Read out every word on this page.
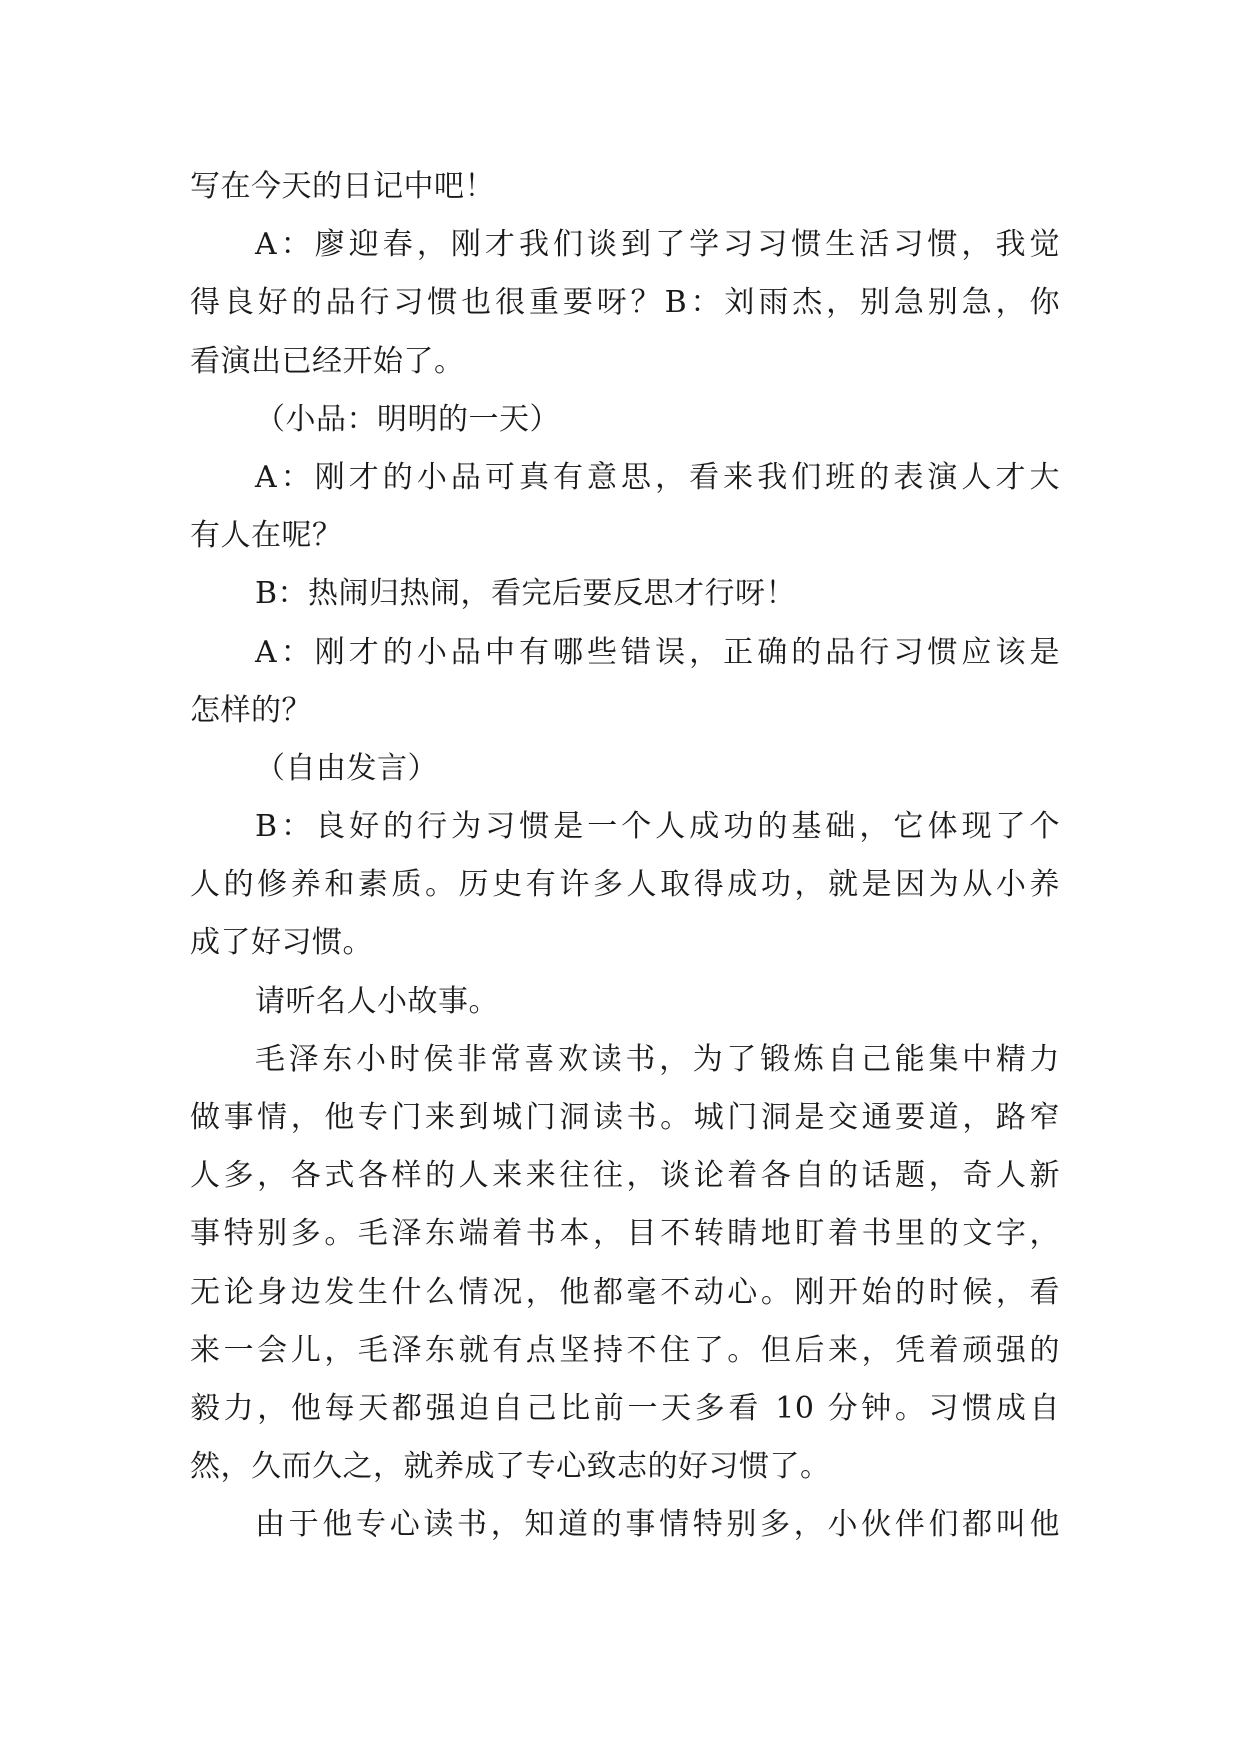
写在今天的日记中吧！
A：廖迎春，刚才我们谈到了学习习惯生活习惯，我觉
得良好的品行习惯也很重要呀？B：刘雨杰，别急别急，你
看演出已经开始了。
（小品：明明的一天）
A：刚才的小品可真有意思，看来我们班的表演人才大
有人在呢？
B：热闹归热闹，看完后要反思才行呀！
A：刚才的小品中有哪些错误，正确的品行习惯应该是
怎样的？
（自由发言）
B：良好的行为习惯是一个人成功的基础，它体现了个
人的修养和素质。历史有许多人取得成功，就是因为从小养
成了好习惯。
请听名人小故事。
毛泽东小时侯非常喜欢读书，为了锻炼自己能集中精力
做事情，他专门来到城门洞读书。城门洞是交通要道，路窄
人多，各式各样的人来来往往，谈论着各自的话题，奇人新
事特别多。毛泽东端着书本，目不转睛地盯着书里的文字，
无论身边发生什么情况，他都毫不动心。刚开始的时候，看
来一会儿，毛泽东就有点坚持不住了。但后来，凭着顽强的
毅力，他每天都强迫自己比前一天多看 10 分钟。习惯成自
然，久而久之，就养成了专心致志的好习惯了。
由于他专心读书，知道的事情特别多，小伙伴们都叫他
